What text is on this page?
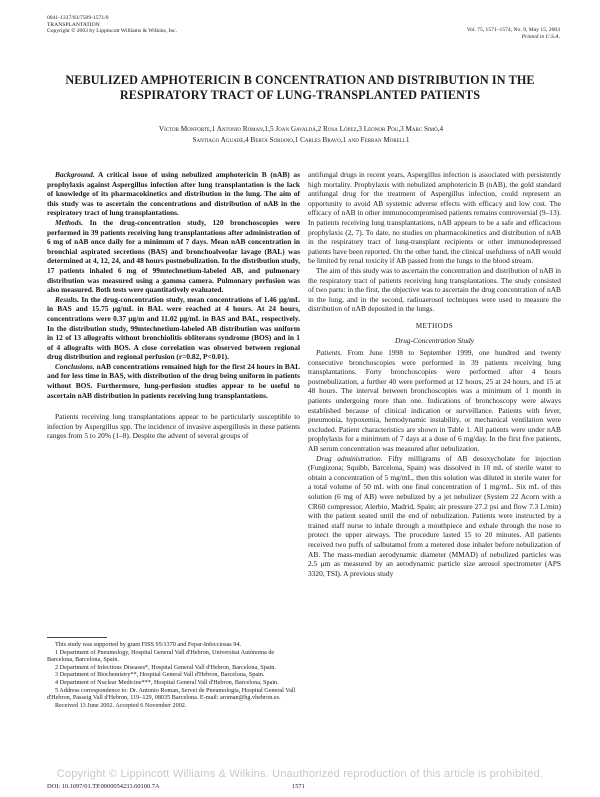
0041-1337/03/7509-1571/0
TRANSPLANTATION
Copyright © 2003 by Lippincott Williams & Wilkins, Inc.	Vol. 75, 1571–1574, No. 9, May 15, 2003
Printed in U.S.A.
NEBULIZED AMPHOTERICIN B CONCENTRATION AND DISTRIBUTION IN THE RESPIRATORY TRACT OF LUNG-TRANSPLANTED PATIENTS
Víctor Monforte,1 Antonio Roman,1,5 Joan Gavaldá,2 Rosa López,3 Leonor Pou,3 Marc Simó,4
Santiago Aguadé,4 Berta Soriano,1 Carles Bravo,1 and Ferran Morell1

Background. A critical issue of using nebulized amphotericin B (nAB) as prophylaxis against Aspergillus infection after lung transplantation is the lack of knowledge of its pharmacokinetics and distribution in the lung. The aim of this study was to ascertain the concentrations and distribution of nAB in the respiratory tract of lung transplantations.

Methods. In the drug-concentration study, 120 bronchoscopies were performed in 39 patients receiving lung transplantations after administration of 6 mg of nAB once daily for a minimum of 7 days. Mean nAB concentration in bronchial aspirated secretions (BAS) and bronchoalveolar lavage (BAL) was determined at 4, 12, 24, and 48 hours postnebulization. In the distribution study, 17 patients inhaled 6 mg of 99mtechnetium-labeled AB, and pulmonary distribution was measured using a gamma camera. Pulmonary perfusion was also measured. Both tests were quantitatively evaluated.

Results. In the drug-concentration study, mean concentrations of 1.46 μg/mL in BAS and 15.75 μg/mL in BAL were reached at 4 hours. At 24 hours, concentrations were 0.37 μg/m and 11.02 μg/mL in BAS and BAL, respectively. In the distribution study, 99mtechnetium-labeled AB distribution was uniform in 12 of 13 allografts without bronchiolitis obliterans syndrome (BOS) and in 1 of 4 allografts with BOS. A close correlation was observed between regional drug distribution and regional perfusion (r=0.82, P<0.01).

Conclusions. nAB concentrations remained high for the first 24 hours in BAL and for less time in BAS, with distribution of the drug being uniform in patients without BOS. Furthermore, lung-perfusion studies appear to be useful to ascertain nAB distribution in patients receiving lung transplantations.

Patients receiving lung transplantations appear to be particularly susceptible to infection by Aspergillus spp. The incidence of invasive aspergillosis in these patients ranges from 5 to 20% (1–8). Despite the advent of several groups of

antifungal drugs in recent years, Aspergillus infection is associated with persistently high mortality. Prophylaxis with nebulized amphotericin B (nAB), the gold standard antifungal drug for the treatment of Aspergillus infection, could represent an opportunity to avoid AB systemic adverse effects with efficacy and low cost. The efficacy of nAB in other immunocompromised patients remains controversial (9–13). In patients receiving lung transplantations, nAB appears to be a safe and efficacious prophylaxis (2, 7). To date, no studies on pharmacokinetics and distribution of nAB in the respiratory tract of lung-transplant recipients or other immunodepressed patients have been reported. On the other hand, the clinical usefulness of nAB would be limited by renal toxicity if AB passed from the lungs to the blood stream.

The aim of this study was to ascertain the concentration and distribution of nAB in the respiratory tract of patients receiving lung transplantations. The study consisted of two parts: in the first, the objective was to ascertain the drug concentration of nAB in the lung, and in the second, radioaerosol techniques were used to measure the distribution of nAB deposited in the lungs.

METHODS

Drug-Concentration Study

Patients. From June 1998 to September 1999, one hundred and twenty consecutive bronchoscopies were performed in 39 patients receiving lung transplantations. Forty bronchoscopies were performed after 4 hours postnebulization, a further 40 were performed at 12 hours, 25 at 24 hours, and 15 at 48 hours. The interval between bronchoscopies was a minimum of 1 month in patients undergoing more than one. Indications of bronchoscopy were always established because of clinical indication or surveillance. Patients with fever, pneumonia, hypoxemia, hemodynamic instability, or mechanical ventilation were excluded. Patient characteristics are shown in Table 1. All patients were under nAB prophylaxis for a minimum of 7 days at a dose of 6 mg/day. In the first five patients, AB serum concentration was measured after nebulization.

Drug administration. Fifty milligrams of AB desoxycholate for injection (Fungizona; Squibb, Barcelona, Spain) was dissolved in 10 mL of sterile water to obtain a concentration of 5 mg/mL, then this solution was diluted in sterile water for a total volume of 50 mL with one final concentration of 1 mg/mL. Six mL of this solution (6 mg of AB) were nebulized by a jet nebulizer (System 22 Acorn with a CR60 compressor, Alerbio, Madrid, Spain; air pressure 27.2 psi and flow 7.3 L/min) with the patient seated until the end of nebulization. Patients were instructed by a trained staff nurse to inhale through a mouthpiece and exhale through the nose to protect the upper airways. The procedure lasted 15 to 20 minutes. All patients received two puffs of salbutamol from a metered dose inhaler before nebulization of AB. The mass-median aerodynamic diameter (MMAD) of nebulized particles was 2.5 μm as measured by an aerodynamic particle size aerosol spectrometer (APS 3320, TSI). A previous study

This study was supported by grant FISS 95/1370 and Fepar-Infecciosas 94.

1 Department of Pneumology, Hospital General Vall d'Hebron, Universitat Autònoma de Barcelona, Barcelona, Spain.

2 Department of Infectious Diseases*, Hospital General Vall d'Hebron, Barcelona, Spain.

3 Department of Biochemistry**, Hospital General Vall d'Hebron, Barcelona, Spain.

4 Department of Nuclear Medicine***, Hospital General Vall d'Hebron, Barcelona, Spain.

5 Address correspondence to: Dr. Antonio Roman, Servei de Pneumologia, Hospital General Vall d'Hebron, Passeig Vall d'Hebron, 119–129, 08035 Barcelona. E-mail: aroman@hg.vhebron.es.

Received 13 June 2002. Accepted 6 November 2002.

Copyright © Lippincott Williams & Wilkins. Unauthorized reproduction of this article is prohibited.
DOI: 10.1097/01.TP.0000054233.60100.7A	1571
